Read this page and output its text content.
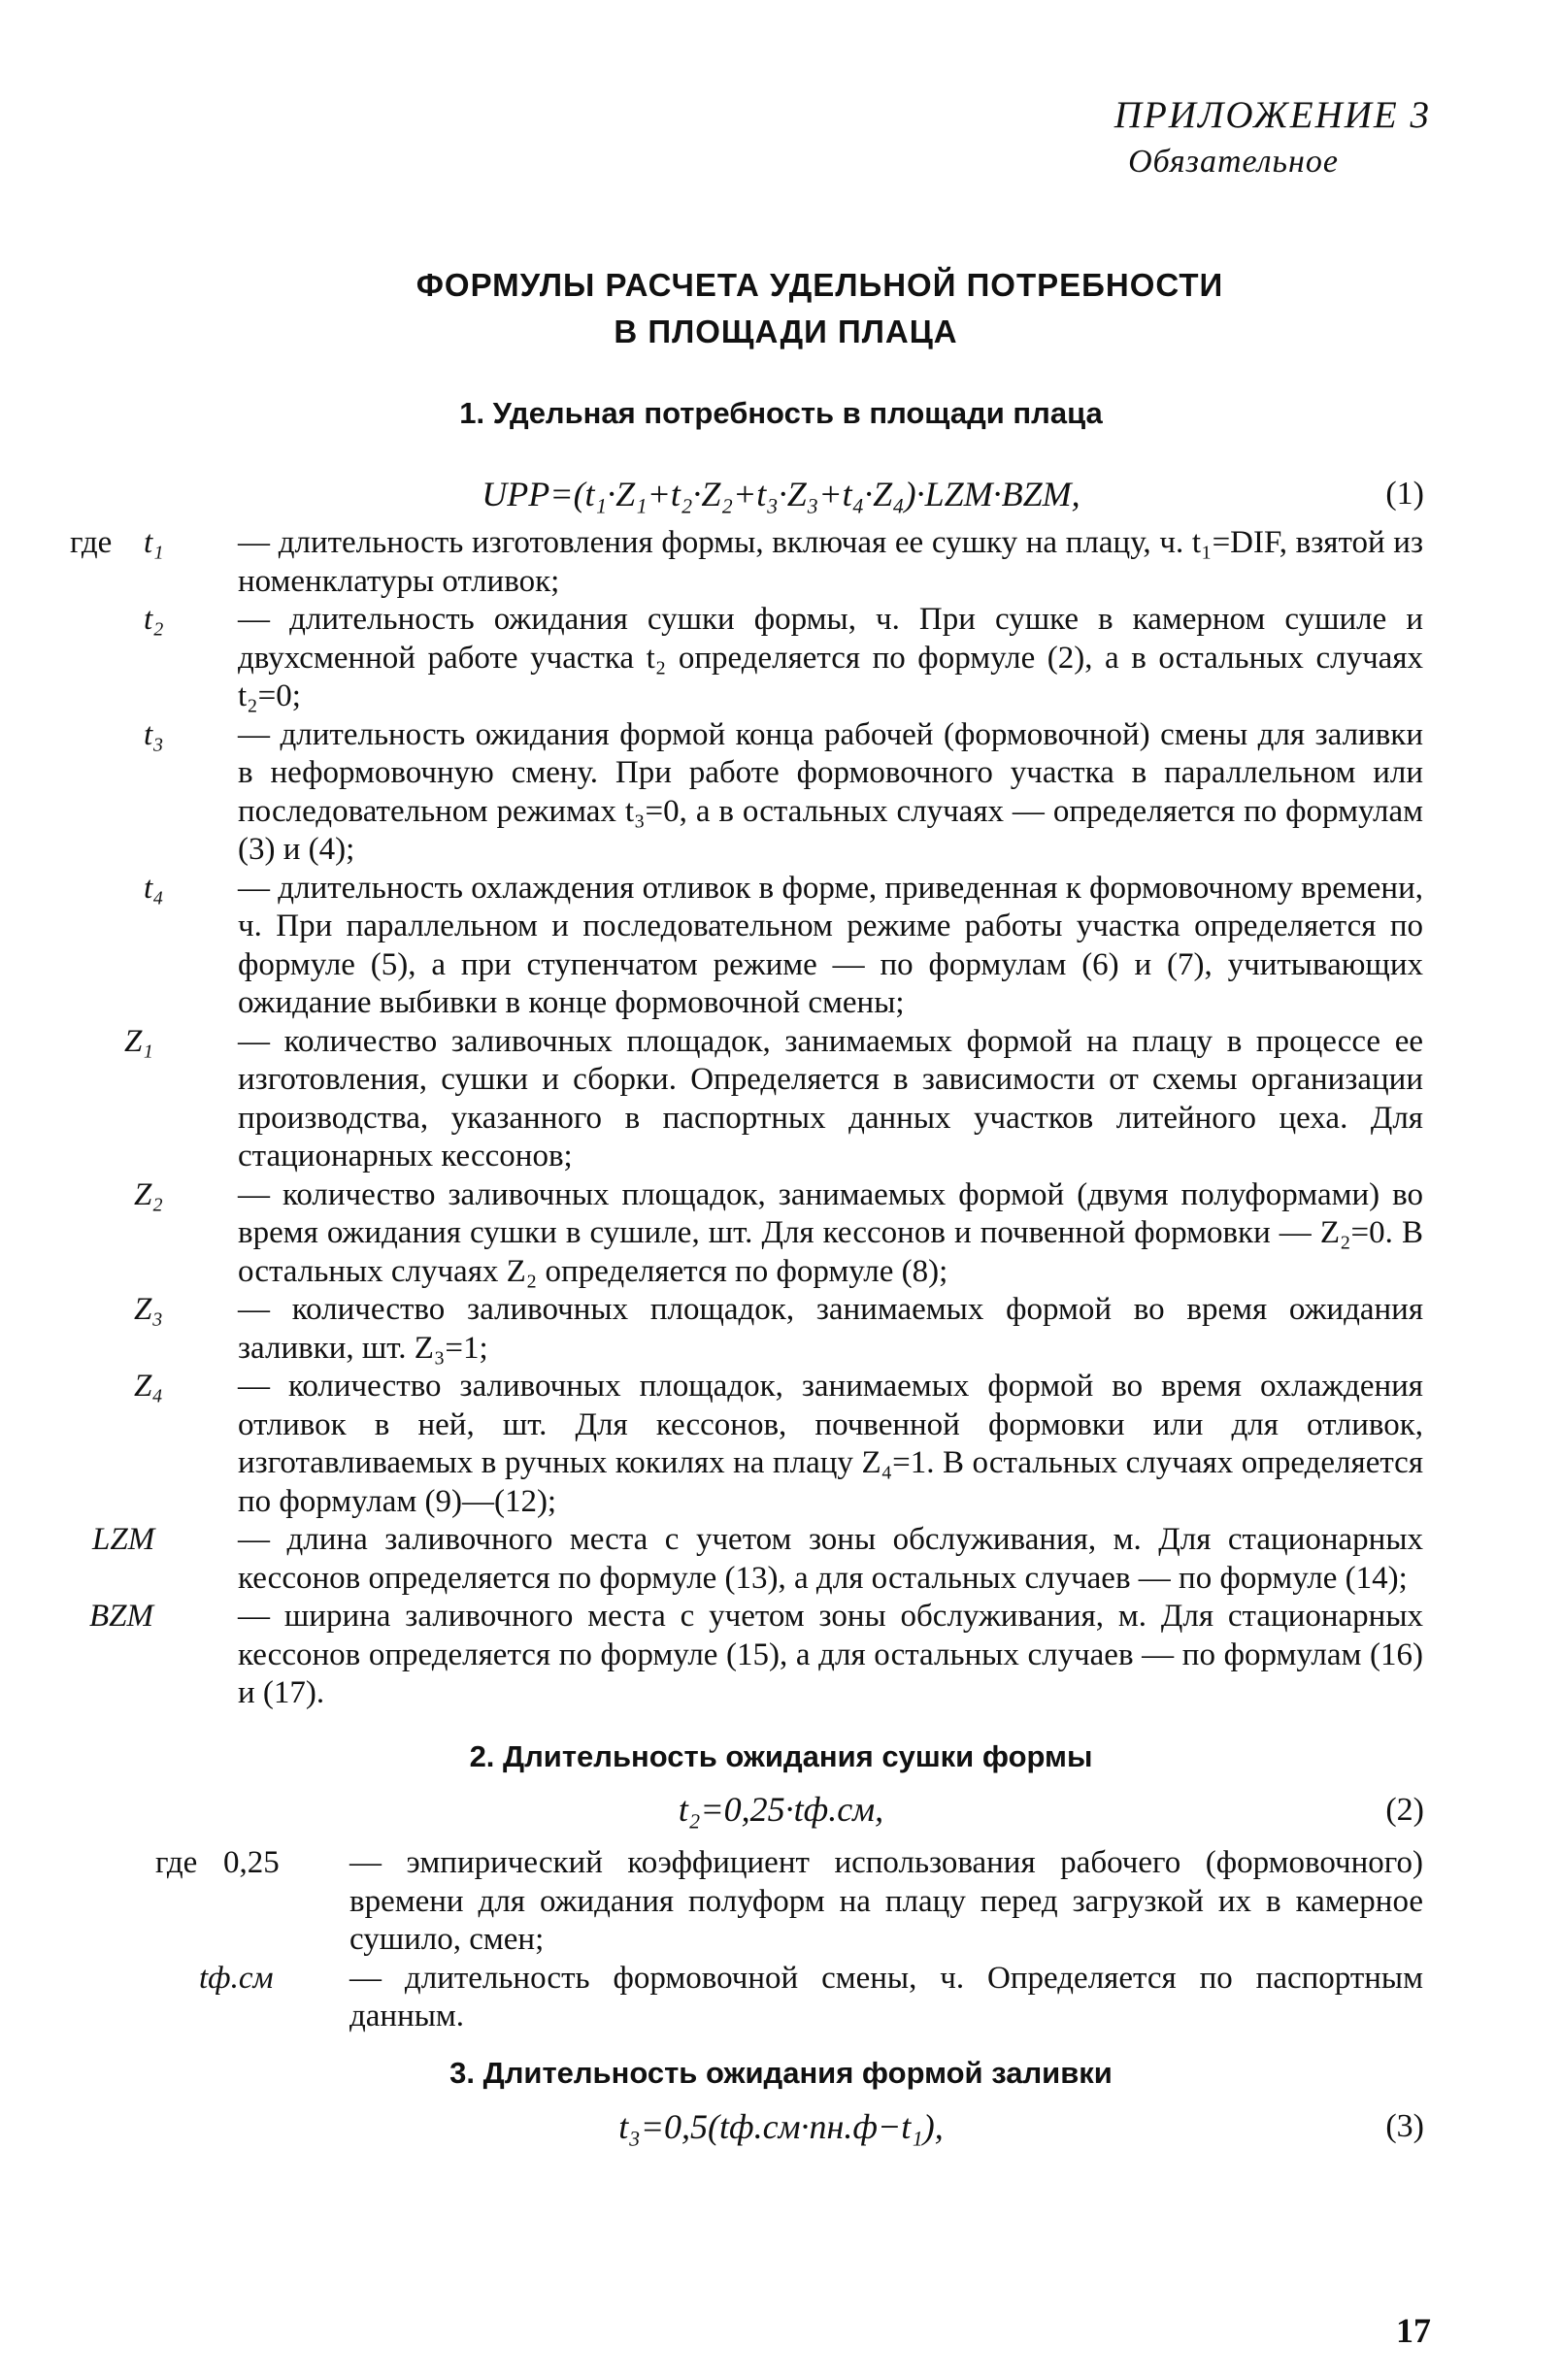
ПРИЛОЖЕНИЕ 3
Обязательное
ФОРМУЛЫ РАСЧЕТА УДЕЛЬНОЙ ПОТРЕБНОСТИ
В ПЛОЩАДИ ПЛАЦА
1. Удельная потребность в площади плаца
UPP=(t₁·Z₁+t₂·Z₂+t₃·Z₃+t₄·Z₄)·LZM·BZM,	(1)
где t₁ — длительность изготовления формы, включая ее сушку на плацу, ч. t₁=DIF, взятой из номенклатуры отливок;
t₂ — длительность ожидания сушки формы, ч. При сушке в камерном сушиле и двухсменной работе участка t₂ определяется по формуле (2), а в остальных случаях t₂=0;
t₃ — длительность ожидания формой конца рабочей (формовочной) смены для заливки в неформовочную смену. При работе формовочного участка в параллельном или последовательном режимах t₃=0, а в остальных случаях — определяется по формулам (3) и (4);
t₄ — длительность охлаждения отливок в форме, приведенная к формовочному времени, ч. При параллельном и последовательном режиме работы участка определяется по формуле (5), а при ступенчатом режиме — по формулам (6) и (7), учитывающих ожидание выбивки в конце формовочной смены;
Z₁	— количество заливочных площадок, занимаемых формой на плацу в процессе ее изготовления, сушки и сборки. Определяется в зависимости от схемы организации производства, указанного в паспортных данных участков литейного цеха. Для стационарных кессонов;
Z₂ — количество заливочных площадок, занимаемых формой (двумя полуформами) во время ожидания сушки в сушиле, шт. Для кессонов и почвенной формовки — Z₂=0. В остальных случаях Z₂ определяется по формуле (8);
Z₃ — количество заливочных площадок, занимаемых формой во время ожидания заливки, шт. Z₃=1;
Z₄ — количество заливочных площадок, занимаемых формой во время охлаждения отливок в ней, шт. Для кессонов, почвенной формовки или для отливок, изготавливаемых в ручных кокилях на плацу Z₄=1. В остальных случаях определяется по формулам (9)—(12);
LZM	— длина заливочного места с учетом зоны обслуживания, м. Для стационарных кессонов определяется по формуле (13), а для остальных случаев — по формуле (14);
BZM	— ширина заливочного места с учетом зоны обслуживания, м. Для стационарных кессонов определяется по формуле (15), а для остальных случаев — по формулам (16) и (17).
2. Длительность ожидания сушки формы
t₂=0,25·tф.см,	(2)
где 0,25 — эмпирический коэффициент использования рабочего (формовочного) времени для ожидания полуформ на плацу перед загрузкой их в камерное сушило, смен;
tф.см — длительность формовочной смены, ч. Определяется по паспортным данным.
3. Длительность ожидания формой заливки
t₃=0,5(tф.см·nн.ф−t₁),	(3)
17
